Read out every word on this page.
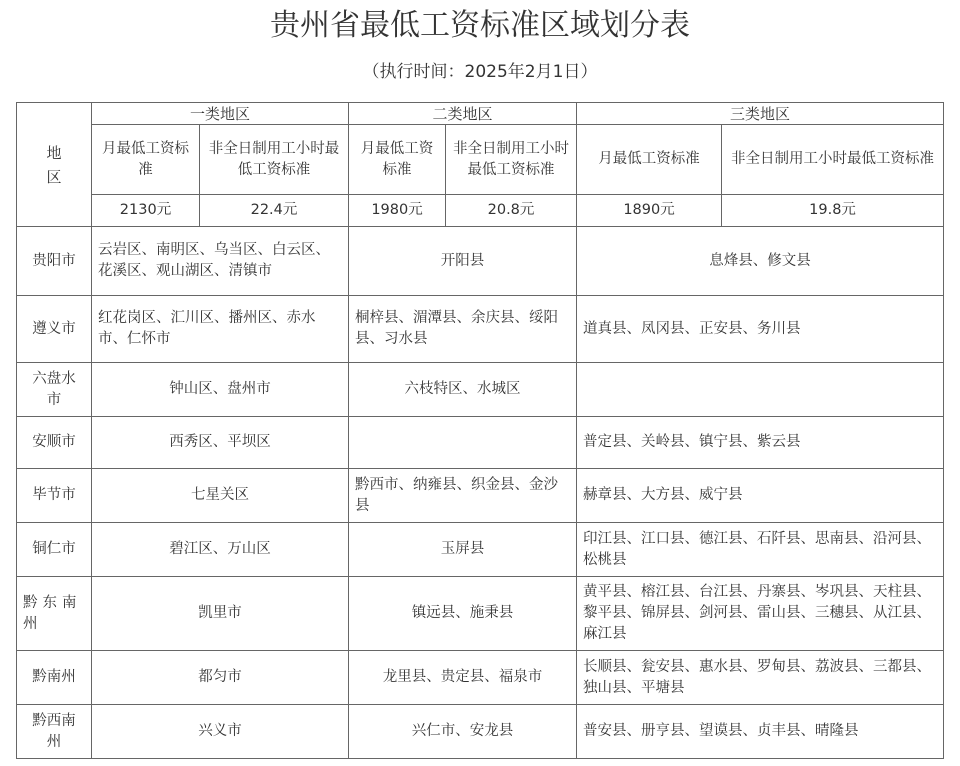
贵州省最低工资标准区域划分表
（执行时间：2025年2月1日）
地区	一类地区		二类地区		三类地区	
	月最低工资标准	非全日制用工小时最低工资标准	月最低工资标准	非全日制用工小时最低工资标准	月最低工资标准	非全日制用工小时最低工资标准
	2130元	22.4元	1980元	20.8元	1890元	19.8元
贵阳市	云岩区、南明区、乌当区、白云区、花溪区、观山湖区、清镇市		开阳县		息烽县、修文县	
遵义市	红花岗区、汇川区、播州区、赤水市、仁怀市		桐梓县、湄潭县、余庆县、绥阳县、习水县		道真县、凤冈县、正安县、务川县	
六盘水市	钟山区、盘州市		六枝特区、水城区			
安顺市	西秀区、平坝区				普定县、关岭县、镇宁县、紫云县	
毕节市	七星关区		黔西市、纳雍县、织金县、金沙县		赫章县、大方县、威宁县	
铜仁市	碧江区、万山区		玉屏县		印江县、江口县、德江县、石阡县、思南县、沿河县、松桃县	
黔东南州	凯里市		镇远县、施秉县		黄平县、榕江县、台江县、丹寨县、岑巩县、天柱县、黎平县、锦屏县、剑河县、雷山县、三穗县、从江县、麻江县	
黔南州	都匀市		龙里县、贵定县、福泉市		长顺县、瓮安县、惠水县、罗甸县、荔波县、三都县、独山县、平塘县	
黔西南州	兴义市		兴仁市、安龙县		普安县、册亨县、望谟县、贞丰县、晴隆县	
